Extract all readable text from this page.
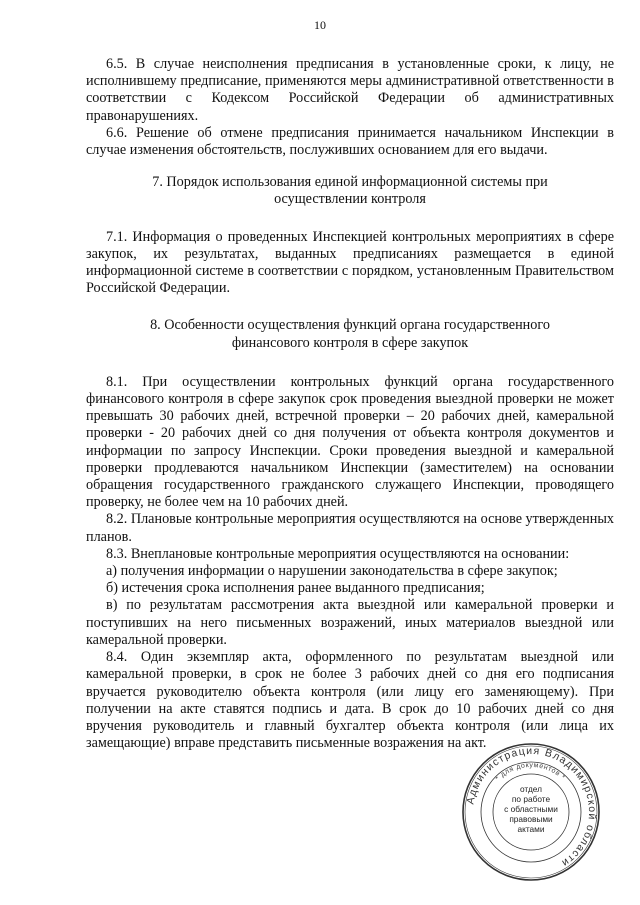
10

6.5. В случае неисполнения предписания в установленные сроки, к лицу, не исполнившему предписание, применяются меры административной ответственности в соответствии с Кодексом Российской Федерации об административных правонарушениях.

6.6. Решение об отмене предписания принимается начальником Инспекции в случае изменения обстоятельств, послуживших основанием для его выдачи.

7. Порядок использования единой информационной системы при осуществлении контроля

7.1. Информация о проведенных Инспекцией контрольных мероприятиях в сфере закупок, их результатах, выданных предписаниях размещается в единой информационной системе в соответствии с порядком, установленным Правительством Российской Федерации.

8. Особенности осуществления функций органа государственного финансового контроля в сфере закупок

8.1. При осуществлении контрольных функций органа государственного финансового контроля в сфере закупок срок проведения выездной проверки не может превышать 30 рабочих дней, встречной проверки – 20 рабочих дней, камеральной проверки - 20 рабочих дней со дня получения от объекта контроля документов и информации по запросу Инспекции. Сроки проведения выездной и камеральной проверки продлеваются начальником Инспекции (заместителем) на основании обращения государственного гражданского служащего Инспекции, проводящего проверку, не более чем на 10 рабочих дней.

8.2. Плановые контрольные мероприятия осуществляются на основе утвержденных планов.

8.3. Внеплановые контрольные мероприятия осуществляются на основании:

а) получения информации о нарушении законодательства в сфере закупок;

б) истечения срока исполнения ранее выданного предписания;

в) по результатам рассмотрения акта выездной или камеральной проверки и поступивших на него письменных возражений, иных материалов выездной или камеральной проверки.

8.4. Один экземпляр акта, оформленного по результатам выездной или камеральной проверки, в срок не более 3 рабочих дней со дня его подписания вручается руководителю объекта контроля (или лицу его заменяющему). При получении на акте ставятся подпись и дата. В срок до 10 рабочих дней со дня вручения руководитель и главный бухгалтер объекта контроля (или лица их замещающие) вправе представить письменные возражения на акт.

Администрация Владимирской области
* для документов *
отдел
по работе
с областными
правовыми
актами
